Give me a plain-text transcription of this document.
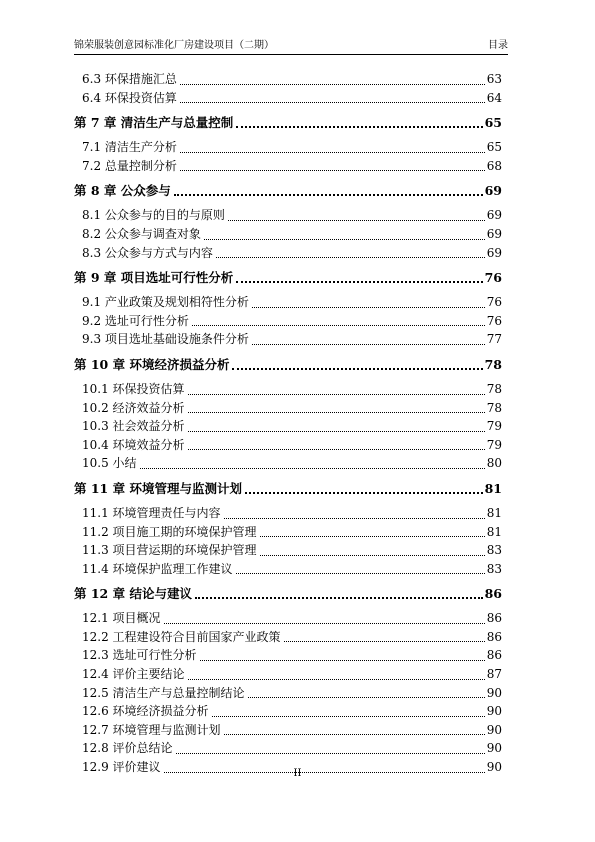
锦荣服装创意园标准化厂房建设项目（二期）	目录
6.3 环保措施汇总	63
6.4 环保投资估算	64
第 7 章 清洁生产与总量控制	65
7.1 清洁生产分析	65
7.2 总量控制分析	68
第 8 章 公众参与	69
8.1 公众参与的目的与原则	69
8.2 公众参与调查对象	69
8.3 公众参与方式与内容	69
第 9 章 项目选址可行性分析	76
9.1 产业政策及规划相符性分析	76
9.2 选址可行性分析	76
9.3 项目选址基础设施条件分析	77
第 10 章 环境经济损益分析	78
10.1 环保投资估算	78
10.2 经济效益分析	78
10.3 社会效益分析	79
10.4 环境效益分析	79
10.5 小结	80
第 11 章 环境管理与监测计划	81
11.1 环境管理责任与内容	81
11.2 项目施工期的环境保护管理	81
11.3 项目营运期的环境保护管理	83
11.4 环境保护监理工作建议	83
第 12 章 结论与建议	86
12.1 项目概况	86
12.2 工程建设符合目前国家产业政策	86
12.3 选址可行性分析	86
12.4 评价主要结论	87
12.5 清洁生产与总量控制结论	90
12.6 环境经济损益分析	90
12.7 环境管理与监测计划	90
12.8 评价总结论	90
12.9 评价建议	90
II
